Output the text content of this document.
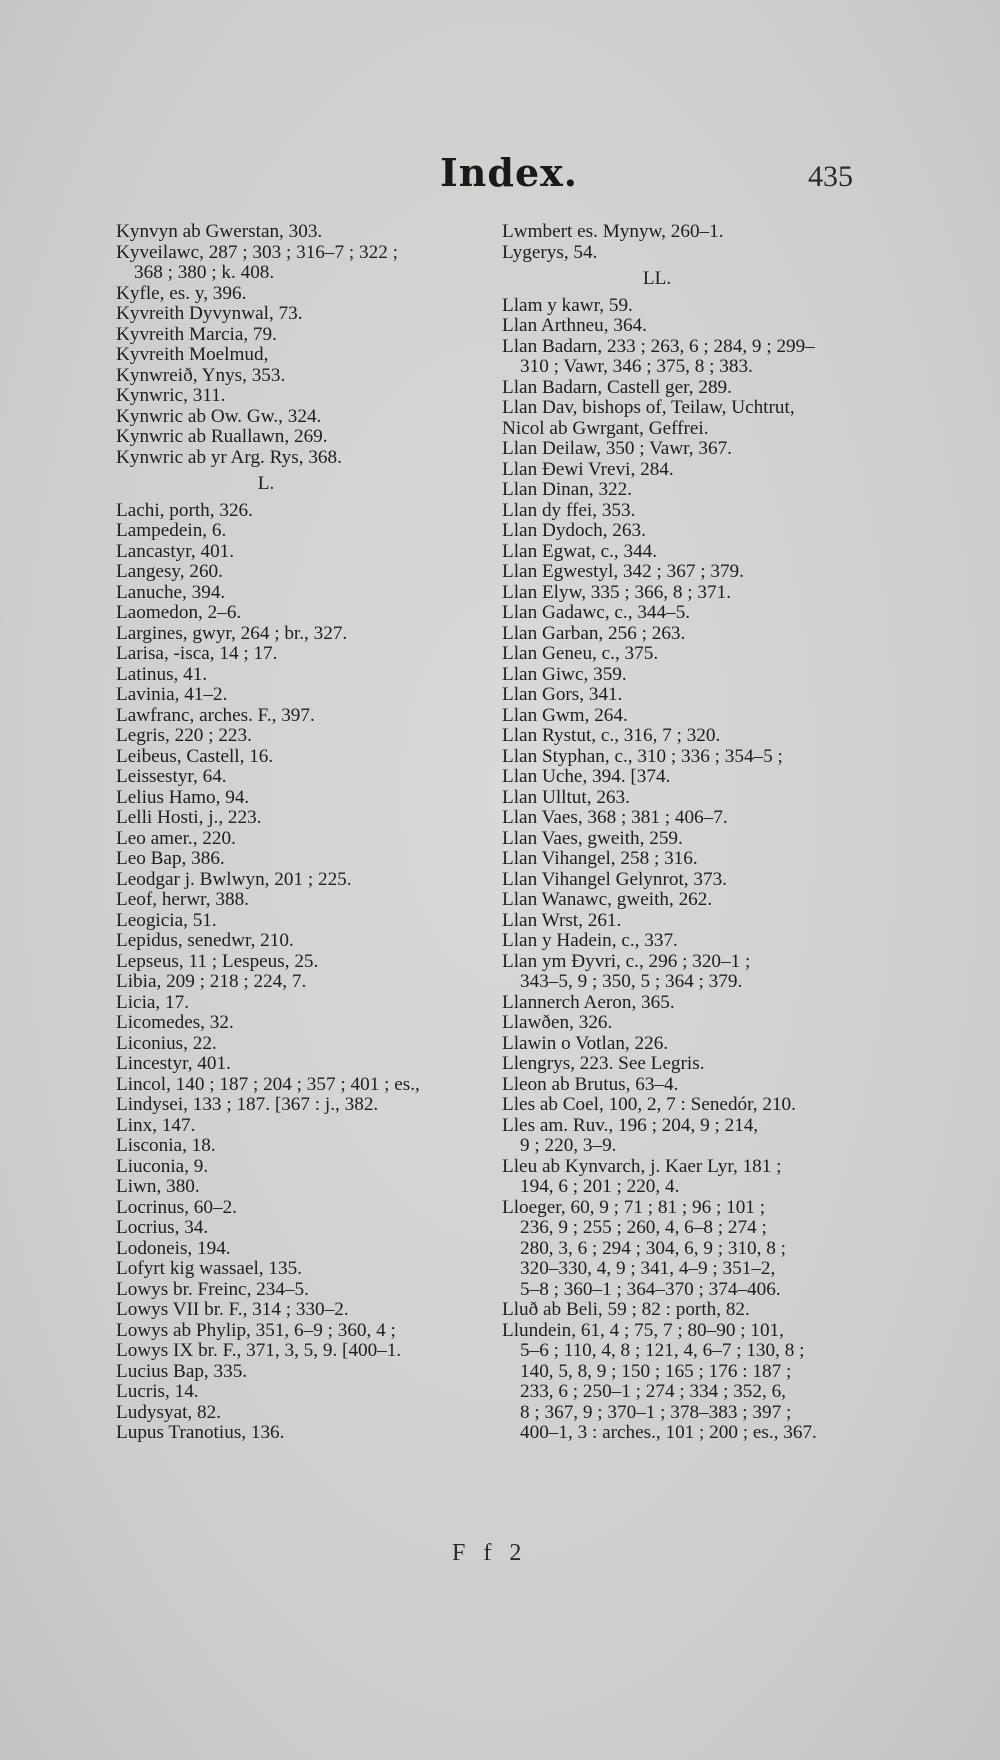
Index.	435
Kynvyn ab Gwerstan, 303.
Kyveilawc, 287 ; 303 ; 316–7 ; 322 ;
368 ; 380 ; k. 408.
Kyfle, es. y, 396.
Kyvreith Dyvynwal, 73.
Kyvreith Marcia, 79.
Kyvreith Moelmud,
Kynwreið, Ynys, 353.
Kynwric, 311.
Kynwric ab Ow. Gw., 324.
Kynwric ab Ruallawn, 269.
Kynwric ab yr Arg. Rys, 368.
L.
Lachi, porth, 326.
Lampedein, 6.
Lancastyr, 401.
Langesy, 260.
Lanuche, 394.
Laomedon, 2–6.
Largines, gwyr, 264 ; br., 327.
Larisa, -isca, 14 ; 17.
Latinus, 41.
Lavinia, 41–2.
Lawfranc, arches. F., 397.
Legris, 220 ; 223.
Leibeus, Castell, 16.
Leissestyr, 64.
Lelius Hamo, 94.
Lelli Hosti, j., 223.
Leo amer., 220.
Leo Bap, 386.
Leodgar j. Bwlwyn, 201 ; 225.
Leof, herwr, 388.
Leogicia, 51.
Lepidus, senedwr, 210.
Lepseus, 11 ; Lespeus, 25.
Libia, 209 ; 218 ; 224, 7.
Licia, 17.
Licomedes, 32.
Liconius, 22.
Lincestyr, 401.
Lincol, 140 ; 187 ; 204 ; 357 ; 401 ; es.,
Lindysei, 133 ; 187. [367 : j., 382.
Linx, 147.
Lisconia, 18.
Liuconia, 9.
Liwn, 380.
Locrinus, 60–2.
Locrius, 34.
Lodoneis, 194.
Lofyrt kig wassael, 135.
Lowys br. Freinc, 234–5.
Lowys VII br. F., 314 ; 330–2.
Lowys ab Phylip, 351, 6–9 ; 360, 4 ;
Lowys IX br. F., 371, 3, 5, 9. [400–1.
Lucius Bap, 335.
Lucris, 14.
Ludysyat, 82.
Lupus Tranotius, 136.
Lwmbert es. Mynyw, 260–1.
Lygerys, 54.
LL.
Llam y kawr, 59.
Llan Arthneu, 364.
Llan Badarn, 233 ; 263, 6 ; 284, 9 ; 299–
310 ; Vawr, 346 ; 375, 8 ; 383.
Llan Badarn, Castell ger, 289.
Llan Dav, bishops of, Teilaw, Uchtrut,
Nicol ab Gwrgant, Geffrei.
Llan Deilaw, 350 ; Vawr, 367.
Llan Ðewi Vrevi, 284.
Llan Dinan, 322.
Llan dy ffei, 353.
Llan Dydoch, 263.
Llan Egwat, c., 344.
Llan Egwestyl, 342 ; 367 ; 379.
Llan Elyw, 335 ; 366, 8 ; 371.
Llan Gadawc, c., 344–5.
Llan Garban, 256 ; 263.
Llan Geneu, c., 375.
Llan Giwc, 359.
Llan Gors, 341.
Llan Gwm, 264.
Llan Rystut, c., 316, 7 ; 320.
Llan Styphan, c., 310 ; 336 ; 354–5 ;
Llan Uche, 394. [374.
Llan Ulltut, 263.
Llan Vaes, 368 ; 381 ; 406–7.
Llan Vaes, gweith, 259.
Llan Vihangel, 258 ; 316.
Llan Vihangel Gelynrot, 373.
Llan Wanawc, gweith, 262.
Llan Wrst, 261.
Llan y Hadein, c., 337.
Llan ym Ðyvri, c., 296 ; 320–1 ;
343–5, 9 ; 350, 5 ; 364 ; 379.
Llannerch Aeron, 365.
Llawðen, 326.
Llawin o Votlan, 226.
Llengrys, 223. See Legris.
Lleon ab Brutus, 63–4.
Lles ab Coel, 100, 2, 7 : Senedór, 210.
Lles am. Ruv., 196 ; 204, 9 ; 214,
9 ; 220, 3–9.
Lleu ab Kynvarch, j. Kaer Lyr, 181 ;
194, 6 ; 201 ; 220, 4.
Lloeger, 60, 9 ; 71 ; 81 ; 96 ; 101 ;
236, 9 ; 255 ; 260, 4, 6–8 ; 274 ;
280, 3, 6 ; 294 ; 304, 6, 9 ; 310, 8 ;
320–330, 4, 9 ; 341, 4–9 ; 351–2,
5–8 ; 360–1 ; 364–370 ; 374–406.
Lluð ab Beli, 59 ; 82 : porth, 82.
Llundein, 61, 4 ; 75, 7 ; 80–90 ; 101,
5–6 ; 110, 4, 8 ; 121, 4, 6–7 ; 130, 8 ;
140, 5, 8, 9 ; 150 ; 165 ; 176 : 187 ;
233, 6 ; 250–1 ; 274 ; 334 ; 352, 6,
8 ; 367, 9 ; 370–1 ; 378–383 ; 397 ;
400–1, 3 : arches., 101 ; 200 ; es., 367.
F f 2
